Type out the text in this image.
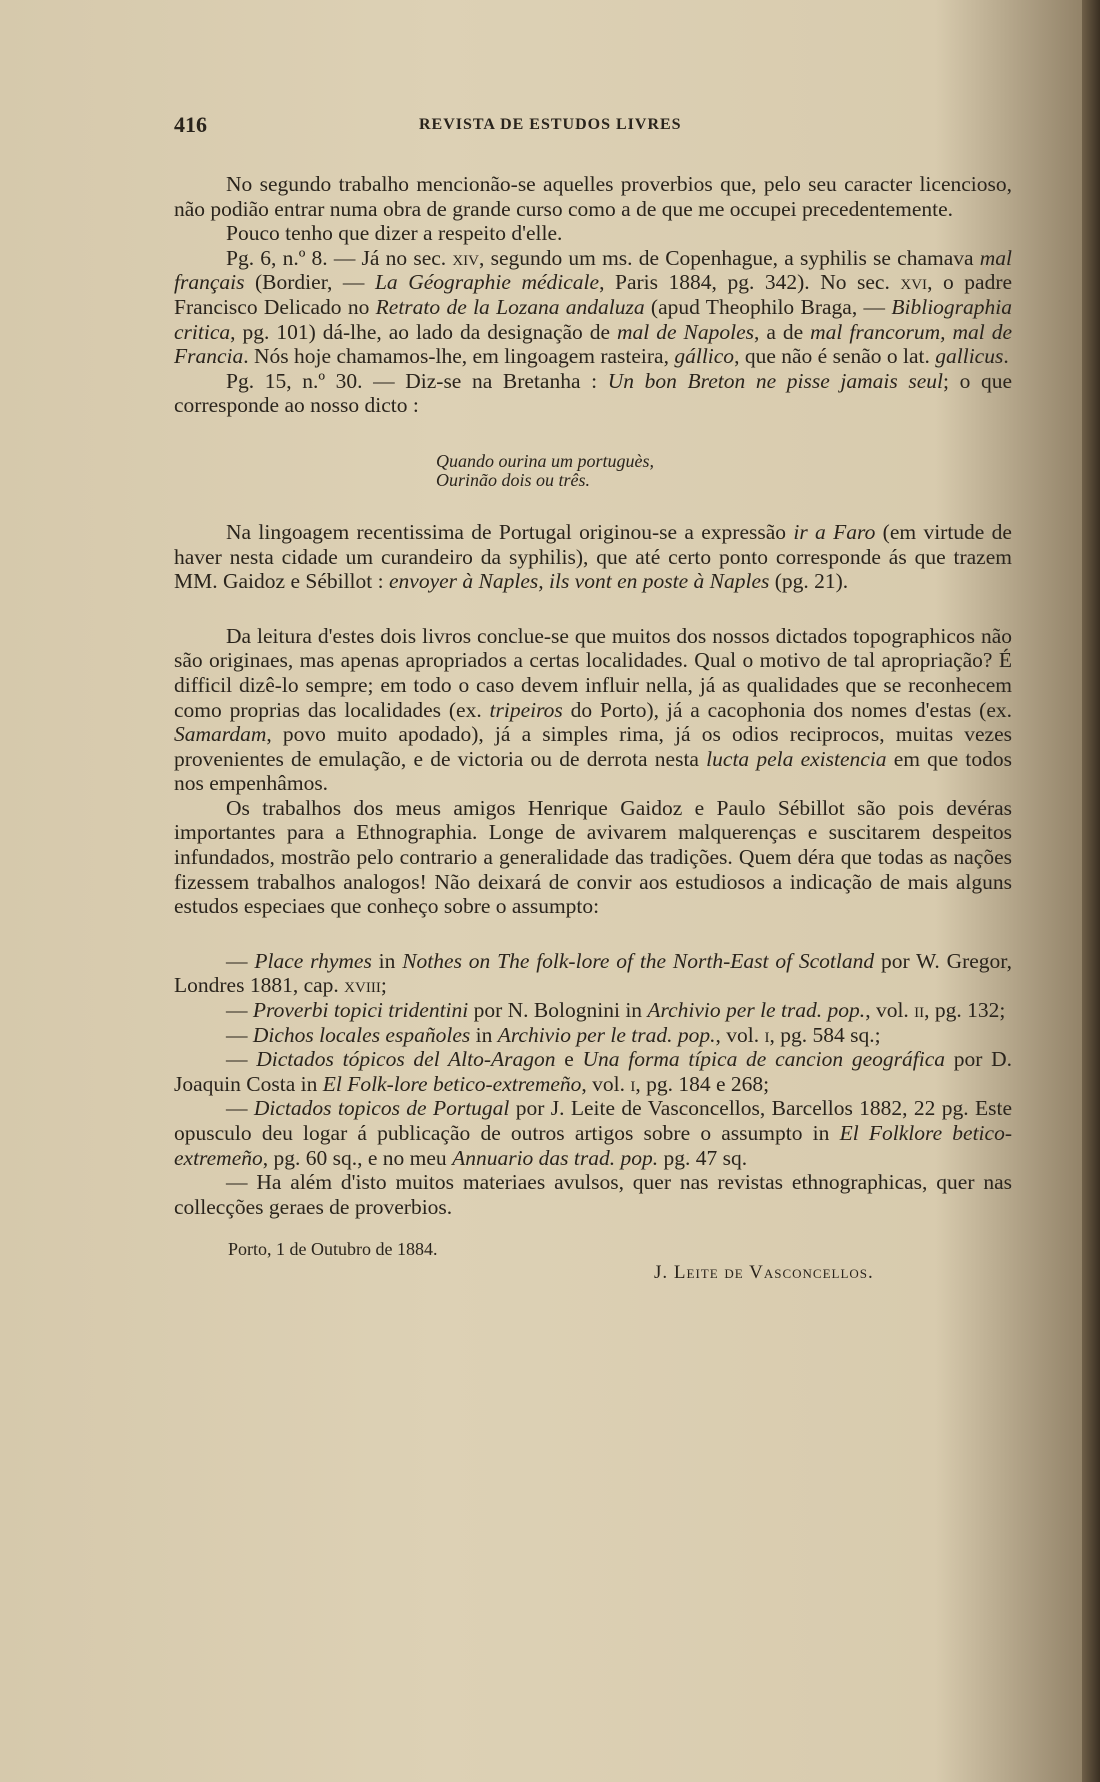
416	REVISTA DE ESTUDOS LIVRES

No segundo trabalho mencionão-se aquelles proverbios que, pelo seu caracter licencioso, não podião entrar numa obra de grande curso como a de que me occupei precedentemente.

Pouco tenho que dizer a respeito d'elle.

Pg. 6, n.º 8. — Já no sec. xiv, segundo um ms. de Copenhague, a syphilis se chamava mal français (Bordier, — La Géographie médicale, Paris 1884, pg. 342). No sec. xvi, o padre Francisco Delicado no Retrato de la Lozana andaluza (apud Theophilo Braga, — Bibliographia critica, pg. 101) dá-lhe, ao lado da designação de mal de Napoles, a de mal francorum, mal de Francia. Nós hoje chamamos-lhe, em lingoagem rasteira, gállico, que não é senão o lat. gallicus.

Pg. 15, n.º 30. — Diz-se na Bretanha : Un bon Breton ne pisse jamais seul; o que corresponde ao nosso dicto :

Quando ourina um portuguès,
Ourinão dois ou três.

Na lingoagem recentissima de Portugal originou-se a expressão ir a Faro (em virtude de haver nesta cidade um curandeiro da syphilis), que até certo ponto corresponde ás que trazem MM. Gaidoz e Sébillot : envoyer à Naples, ils vont en poste à Naples (pg. 21).

Da leitura d'estes dois livros conclue-se que muitos dos nossos dictados topographicos não são originaes, mas apenas apropriados a certas localidades. Qual o motivo de tal apropriação? É difficil dizê-lo sempre; em todo o caso devem influir nella, já as qualidades que se reconhecem como proprias das localidades (ex. tripeiros do Porto), já a cacophonia dos nomes d'estas (ex. Samardam, povo muito apodado), já a simples rima, já os odios reciprocos, muitas vezes provenientes de emulação, e de victoria ou de derrota nesta lucta pela existencia em que todos nos empenhâmos.

Os trabalhos dos meus amigos Henrique Gaidoz e Paulo Sébillot são pois devéras importantes para a Ethnographia. Longe de avivarem malquerenças e suscitarem despeitos infundados, mostrão pelo contrario a generalidade das tradições. Quem déra que todas as nações fizessem trabalhos analogos! Não deixará de convir aos estudiosos a indicação de mais alguns estudos especiaes que conheço sobre o assumpto:

— Place rhymes in Nothes on The folk-lore of the North-East of Scotland por W. Gregor, Londres 1881, cap. xviii;

— Proverbi topici tridentini por N. Bolognini in Archivio per le trad. pop., vol. ii, pg. 132;

— Dichos locales españoles in Archivio per le trad. pop., vol. i, pg. 584 sq.;

— Dictados tópicos del Alto-Aragon e Una forma típica de cancion geográfica por D. Joaquin Costa in El Folk-lore betico-extremeño, vol. i, pg. 184 e 268;

— Dictados topicos de Portugal por J. Leite de Vasconcellos, Barcellos 1882, 22 pg. Este opusculo deu logar á publicação de outros artigos sobre o assumpto in El Folklore betico-extremeño, pg. 60 sq., e no meu Annuario das trad. pop. pg. 47 sq.

— Ha além d'isto muitos materiaes avulsos, quer nas revistas ethnographicas, quer nas collecções geraes de proverbios.

Porto, 1 de Outubro de 1884.
J. Leite de Vasconcellos.
